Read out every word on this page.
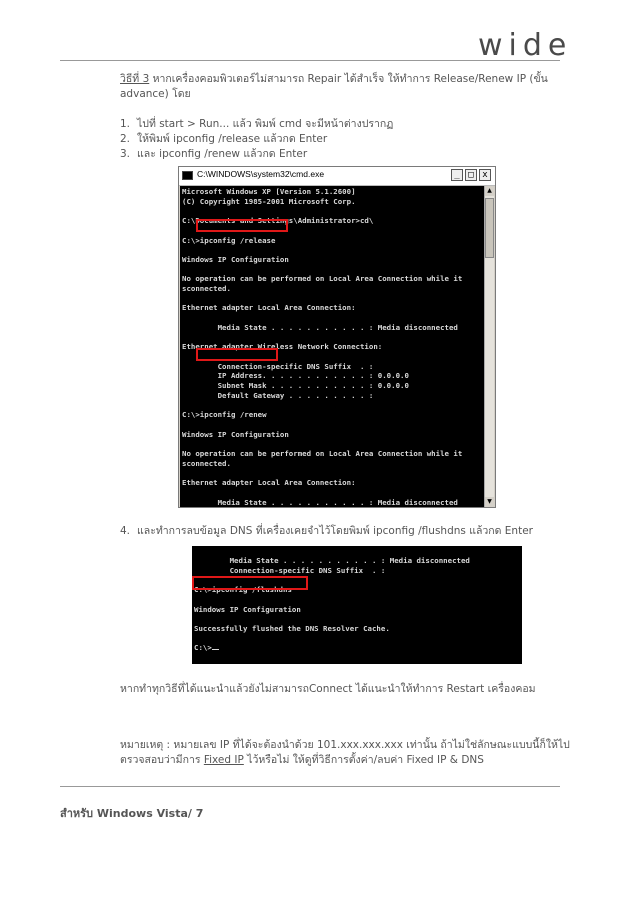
wide
วิธีที่ 3 หากเครื่องคอมพิวเตอร์ไม่สามารถ Repair ได้สำเร็จ ให้ทำการ Release/Renew IP (ขั้น
advance) โดย
1. ไปที่ start > Run... แล้ว พิมพ์ cmd จะมีหน้าต่างปรากฏ
2. ให้พิมพ์ ipconfig /release แล้วกด Enter
3. และ ipconfig /renew แล้วกด Enter
C:\WINDOWS\system32\cmd.exe	_ □ x
Microsoft Windows XP [Version 5.1.2600]
(C) Copyright 1985-2001 Microsoft Corp.

C:\Documents and Settings\Administrator>cd\

C:\>ipconfig /release

Windows IP Configuration

No operation can be performed on Local Area Connection while it
sconnected.

Ethernet adapter Local Area Connection:

Media State . . . . . . . . . . . : Media disconnected

Ethernet adapter Wireless Network Connection:

Connection-specific DNS Suffix  . :
IP Address. . . . . . . . . . . . : 0.0.0.0
Subnet Mask . . . . . . . . . . . : 0.0.0.0
Default Gateway . . . . . . . . . :

C:\>ipconfig /renew

Windows IP Configuration

No operation can be performed on Local Area Connection while it
sconnected.

Ethernet adapter Local Area Connection:

Media State . . . . . . . . . . . : Media disconnected

▲
▼
4. และทำการลบข้อมูล DNS ที่เครื่องเคยจำไว้โดยพิมพ์ ipconfig /flushdns แล้วกด Enter
Media State . . . . . . . . . . . : Media disconnected
Connection-specific DNS Suffix  . :

C:\>ipconfig /flushdns

Windows IP Configuration

Successfully flushed the DNS Resolver Cache.

C:\>
หากทำทุกวิธีที่ได้แนะนำแล้วยังไม่สามารถConnect ได้แนะนำให้ทำการ Restart เครื่องคอม
หมายเหตุ : หมายเลข IP ที่ได้จะต้องนำด้วย 101.xxx.xxx.xxx เท่านั้น ถ้าไม่ใช่ลักษณะแบบนี้ก็ให้ไป
ตรวจสอบว่ามีการ Fixed IP ไว้หรือไม่ ให้ดูที่วิธีการตั้งค่า/ลบค่า Fixed IP & DNS
สำหรับ Windows Vista/ 7
